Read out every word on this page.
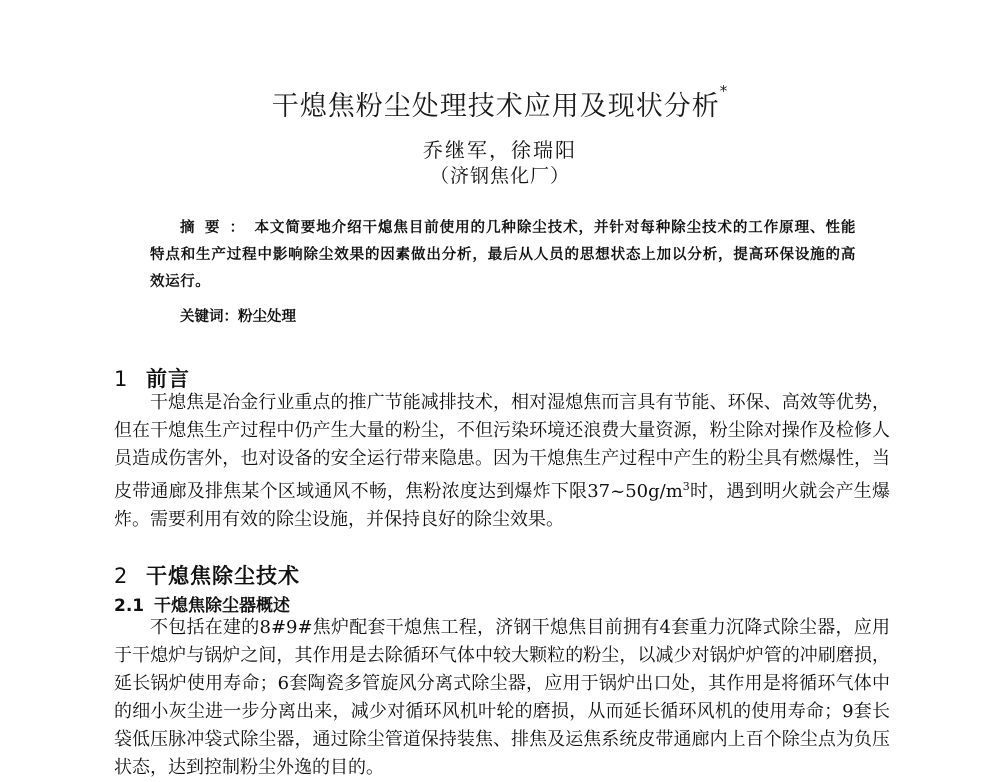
干熄焦粉尘处理技术应用及现状分析*
乔继军，徐瑞阳
（济钢焦化厂）
摘要：本文简要地介绍干熄焦目前使用的几种除尘技术，并针对每种除尘技术的工作原理、性能特点和生产过程中影响除尘效果的因素做出分析，最后从人员的思想状态上加以分析，提高环保设施的高效运行。
关键词：粉尘处理
1 前言
干熄焦是冶金行业重点的推广节能减排技术，相对湿熄焦而言具有节能、环保、高效等优势，但在干熄焦生产过程中仍产生大量的粉尘，不但污染环境还浪费大量资源，粉尘除对操作及检修人员造成伤害外，也对设备的安全运行带来隐患。因为干熄焦生产过程中产生的粉尘具有燃爆性，当皮带通廊及排焦某个区域通风不畅，焦粉浓度达到爆炸下限$37\sim 50g/m^3$时，遇到明火就会产生爆炸。需要利用有效的除尘设施，并保持良好的除尘效果。
2 干熄焦除尘技术
2.1 干熄焦除尘器概述
不包括在建的8#9#焦炉配套干熄焦工程，济钢干熄焦目前拥有4套重力沉降式除尘器，应用于干熄炉与锅炉之间，其作用是去除循环气体中较大颗粒的粉尘，以减少对锅炉炉管的冲刷磨损，延长锅炉使用寿命；6套陶瓷多管旋风分离式除尘器，应用于锅炉出口处，其作用是将循环气体中的细小灰尘进一步分离出来，减少对循环风机叶轮的磨损，从而延长循环风机的使用寿命；9套长袋低压脉冲袋式除尘器，通过除尘管道保持装焦、排焦及运焦系统皮带通廊内上百个除尘点为负压状态，达到控制粉尘外逸的目的。
